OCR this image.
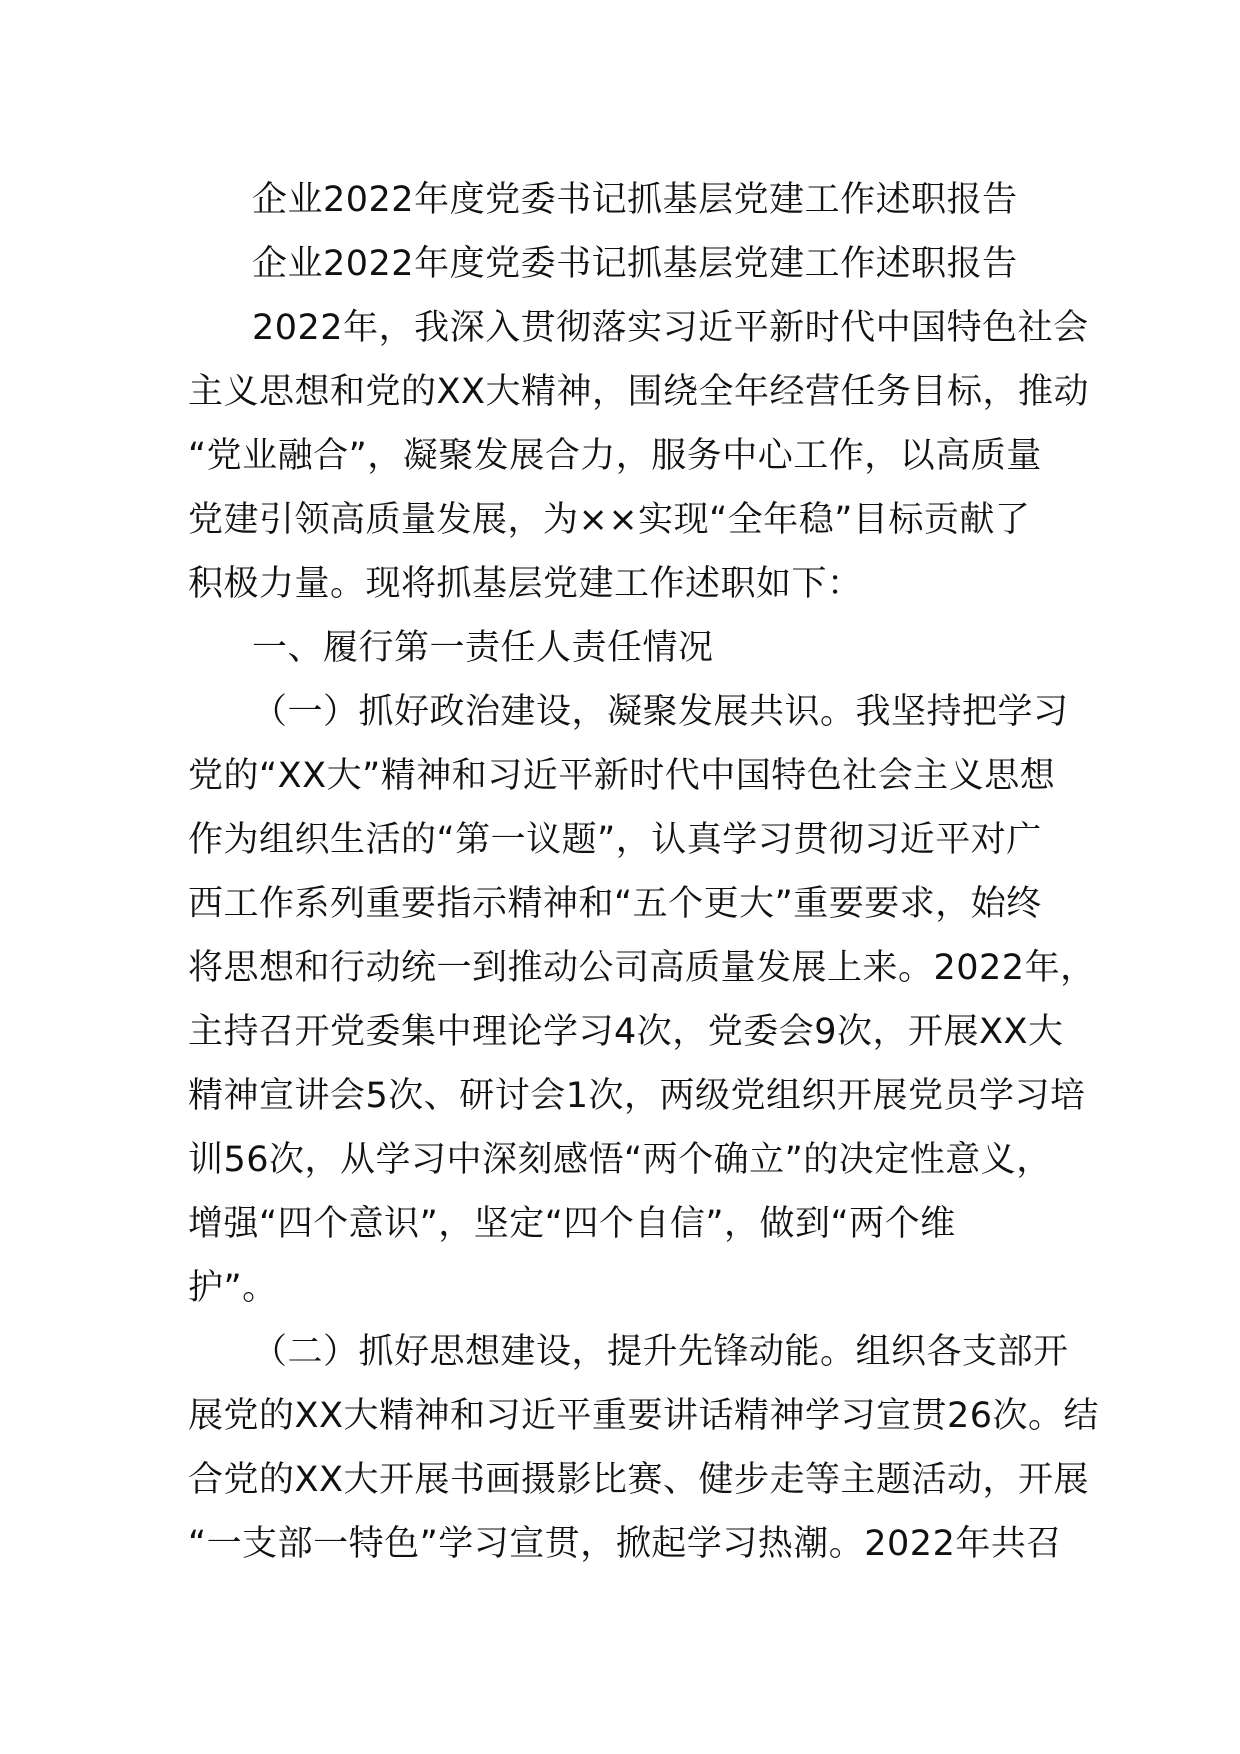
企业2022年度党委书记抓基层党建工作述职报告
企业2022年度党委书记抓基层党建工作述职报告
2022年，我深入贯彻落实习近平新时代中国特色社会
主义思想和党的XX大精神，围绕全年经营任务目标，推动
“党业融合”，凝聚发展合力，服务中心工作，以高质量
党建引领高质量发展，为××实现“全年稳”目标贡献了
积极力量。现将抓基层党建工作述职如下：
一、履行第一责任人责任情况
（一）抓好政治建设，凝聚发展共识。我坚持把学习
党的“XX大”精神和习近平新时代中国特色社会主义思想
作为组织生活的“第一议题”，认真学习贯彻习近平对广
西工作系列重要指示精神和“五个更大”重要要求，始终
将思想和行动统一到推动公司高质量发展上来。2022年，
主持召开党委集中理论学习4次，党委会9次，开展XX大
精神宣讲会5次、研讨会1次，两级党组织开展党员学习培
训56次，从学习中深刻感悟“两个确立”的决定性意义，
增强“四个意识”，坚定“四个自信”，做到“两个维
护”。
（二）抓好思想建设，提升先锋动能。组织各支部开
展党的XX大精神和习近平重要讲话精神学习宣贯26次。结
合党的XX大开展书画摄影比赛、健步走等主题活动，开展
“一支部一特色”学习宣贯，掀起学习热潮。2022年共召
